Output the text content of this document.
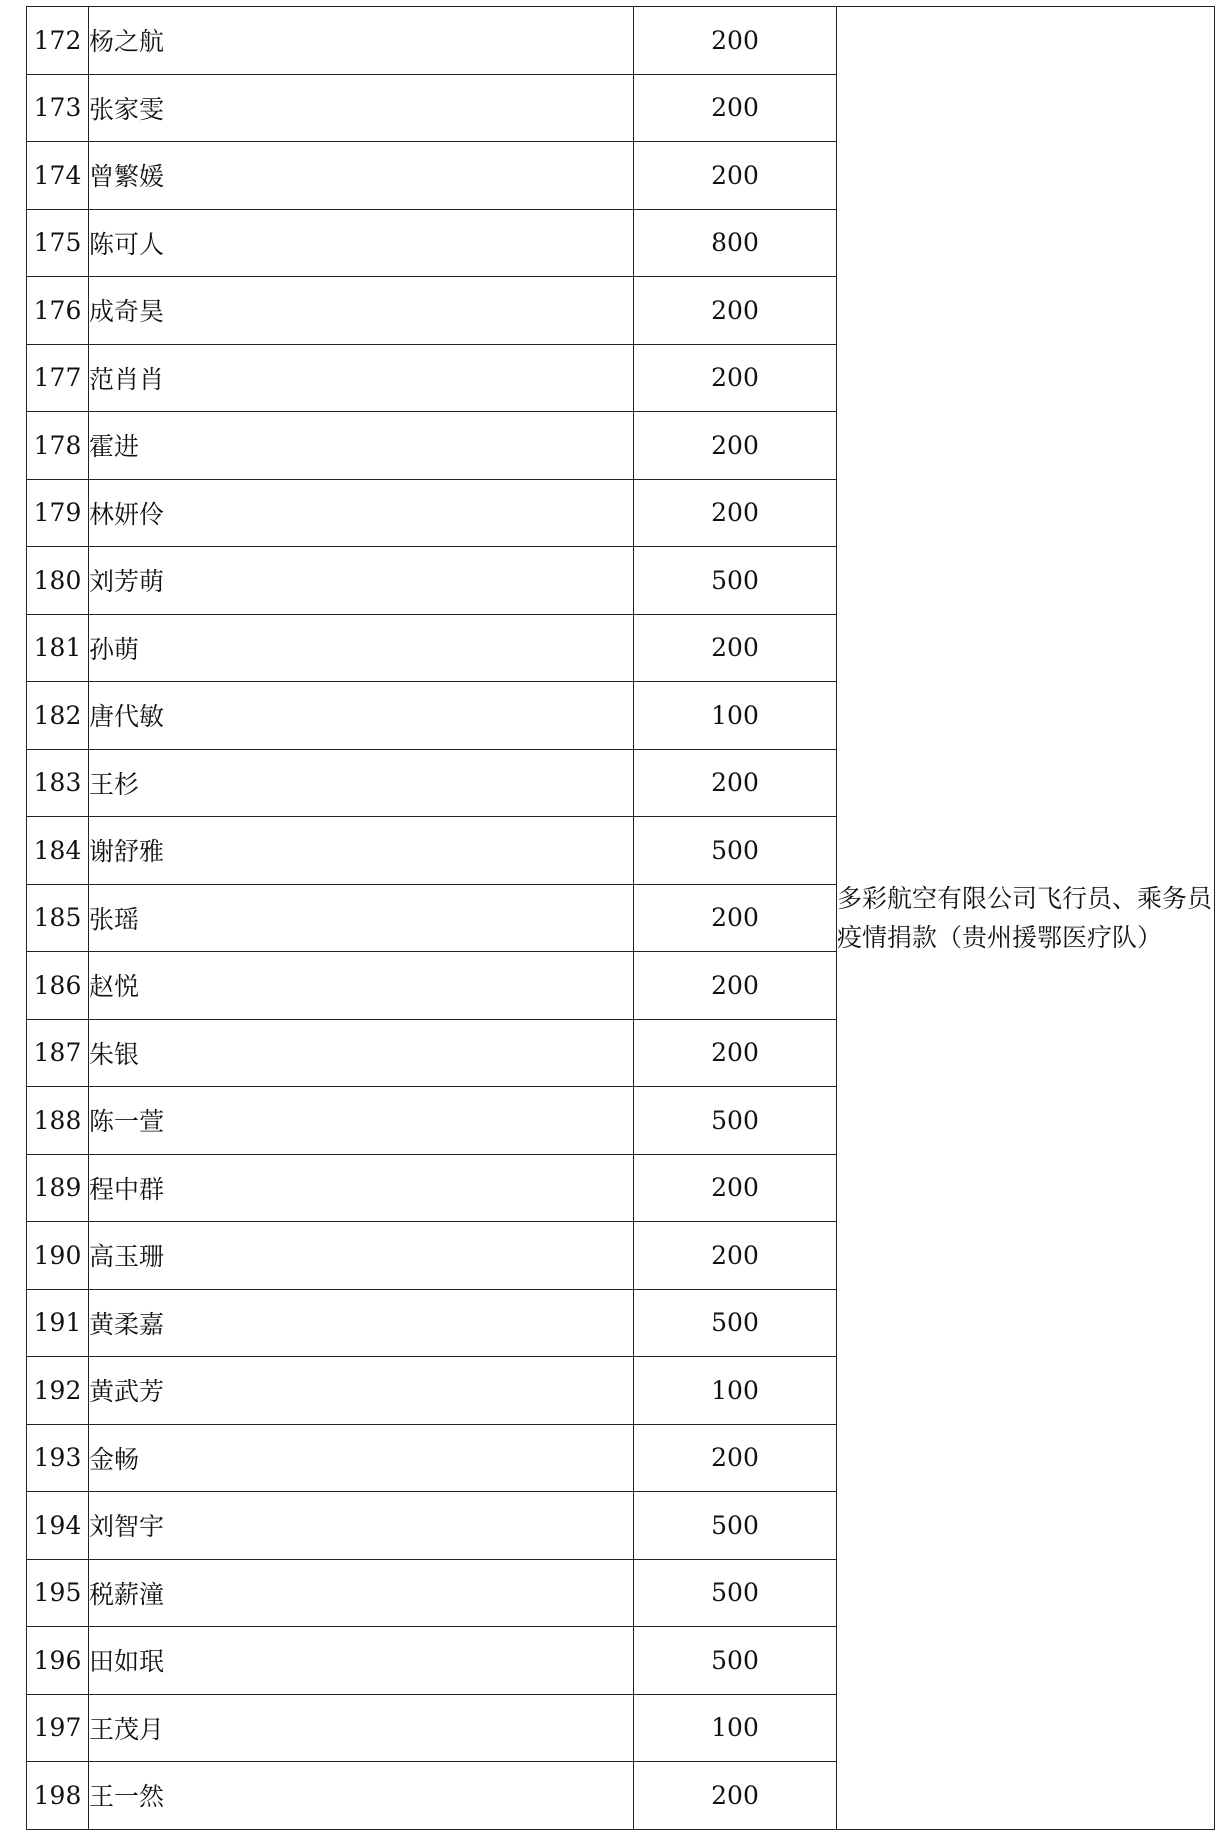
172	杨之航	200	多彩航空有限公司飞行员、乘务员疫情捐款（贵州援鄂医疗队）
173	张家雯	200	
174	曾繁媛	200	
175	陈可人	800	
176	成奇昊	200	
177	范肖肖	200	
178	霍进	200	
179	林妍伶	200	
180	刘芳萌	500	
181	孙萌	200	
182	唐代敏	100	
183	王杉	200	
184	谢舒雅	500	
185	张瑶	200	
186	赵悦	200	
187	朱银	200	
188	陈一萱	500	
189	程中群	200	
190	高玉珊	200	
191	黄柔嘉	500	
192	黄武芳	100	
193	金畅	200	
194	刘智宇	500	
195	税薪潼	500	
196	田如珉	500	
197	王茂月	100	
198	王一然	200	
